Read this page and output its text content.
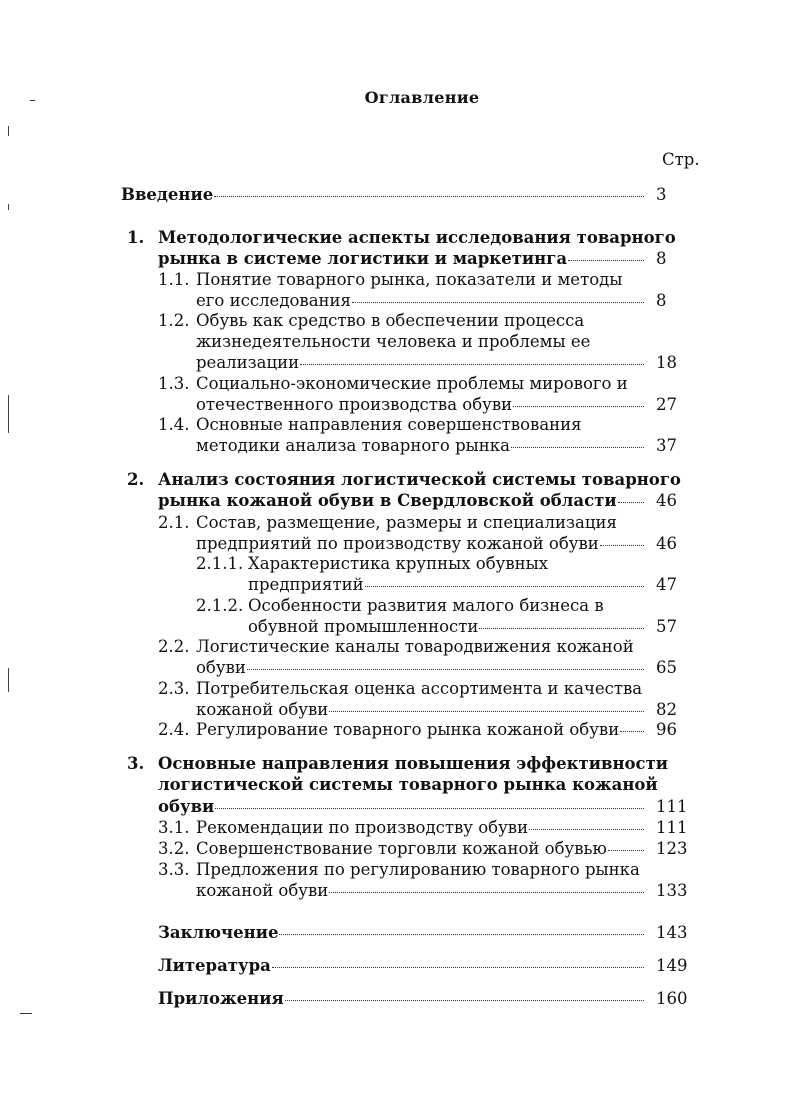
Оглавление
Стр.
Введение	3
1. Методологические аспекты исследования товарного
рынка в системе логистики и маркетинга	8
1.1. Понятие товарного рынка, показатели и методы
его исследования	8
1.2. Обувь как средство в обеспечении процесса
жизнедеятельности человека и проблемы ее
реализации	18
1.3. Социально-экономические проблемы мирового и
отечественного производства обуви	27
1.4. Основные направления совершенствования
методики анализа товарного рынка	37
2. Анализ состояния логистической системы товарного
рынка кожаной обуви в Свердловской области 46
2.1. Состав, размещение, размеры и специализация
предприятий по производству кожаной обуви	46
2.1.1. Характеристика крупных обувных
предприятий	47
2.1.2. Особенности развития малого бизнеса в
обувной промышленности	57
2.2. Логистические каналы товародвижения кожаной
обуви	65
2.3. Потребительская оценка ассортимента и качества
кожаной обуви	82
2.4. Регулирование товарного рынка кожаной обуви 96
3. Основные направления повышения эффективности
логистической системы товарного рынка кожаной
обуви	111
3.1. Рекомендации по производству обуви	111
3.2. Совершенствование торговли кожаной обувью	123
3.3. Предложения по регулированию товарного рынка
кожаной обуви	133
Заключение	143
Литература	149
Приложения	160
